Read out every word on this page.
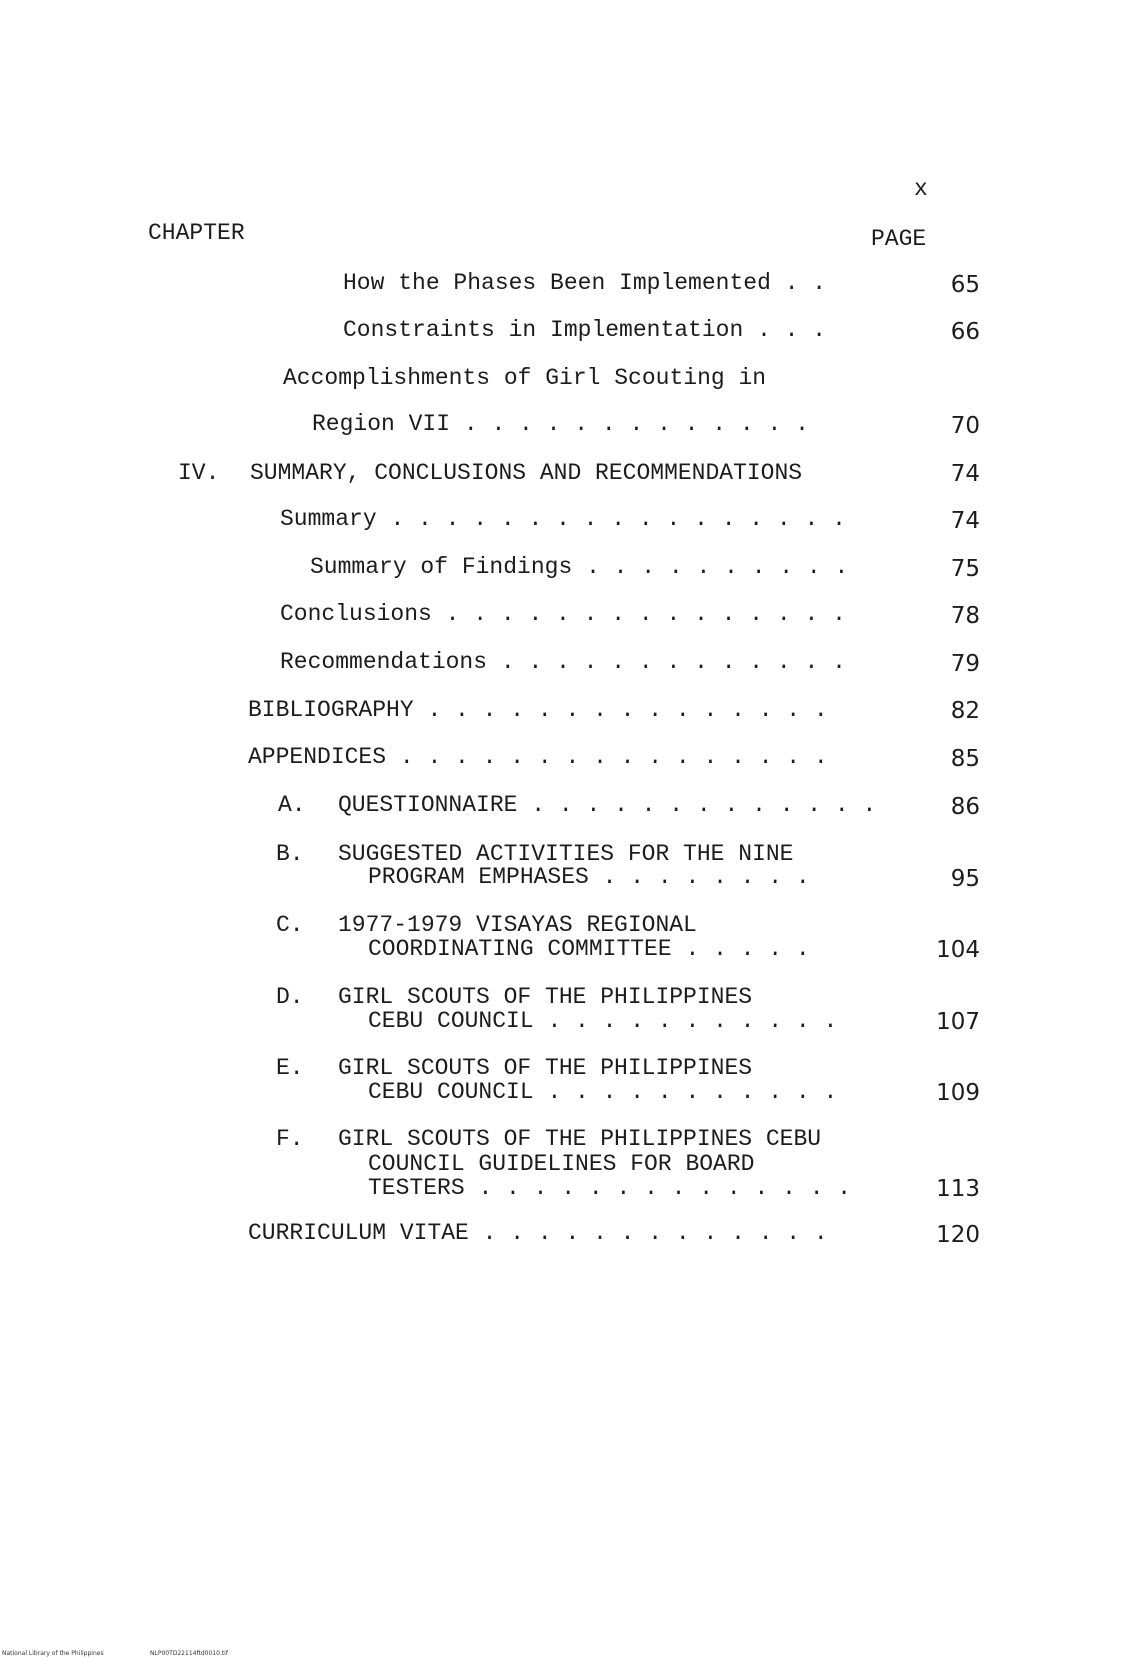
x
CHAPTER	PAGE
How the Phases Been Implemented . .	65
Constraints in Implementation . . .	66
Accomplishments of Girl Scouting in
Region VII . . . . . . . . . . . . .	70
IV. SUMMARY, CONCLUSIONS AND RECOMMENDATIONS	74
Summary . . . . . . . . . . . . . . . . .	74
Summary of Findings . . . . . . . . . .	75
Conclusions . . . . . . . . . . . . . . .	78
Recommendations . . . . . . . . . . . . .	79
BIBLIOGRAPHY . . . . . . . . . . . . . . .	82
APPENDICES . . . . . . . . . . . . . . . .	85
A. QUESTIONNAIRE . . . . . . . . . . . . .	86
B. SUGGESTED ACTIVITIES FOR THE NINE
PROGRAM EMPHASES . . . . . . . .	95
C. 1977-1979 VISAYAS REGIONAL
COORDINATING COMMITTEE . . . . .	104
D. GIRL SCOUTS OF THE PHILIPPINES
CEBU COUNCIL . . . . . . . . . . .	107
E. GIRL SCOUTS OF THE PHILIPPINES
CEBU COUNCIL . . . . . . . . . . .	109
F. GIRL SCOUTS OF THE PHILIPPINES CEBU
COUNCIL GUIDELINES FOR BOARD
TESTERS . . . . . . . . . . . . . .	113
CURRICULUM VITAE . . . . . . . . . . . . .	120
National Library of the Philippines	NLP00TD22114ftd0010.tif
